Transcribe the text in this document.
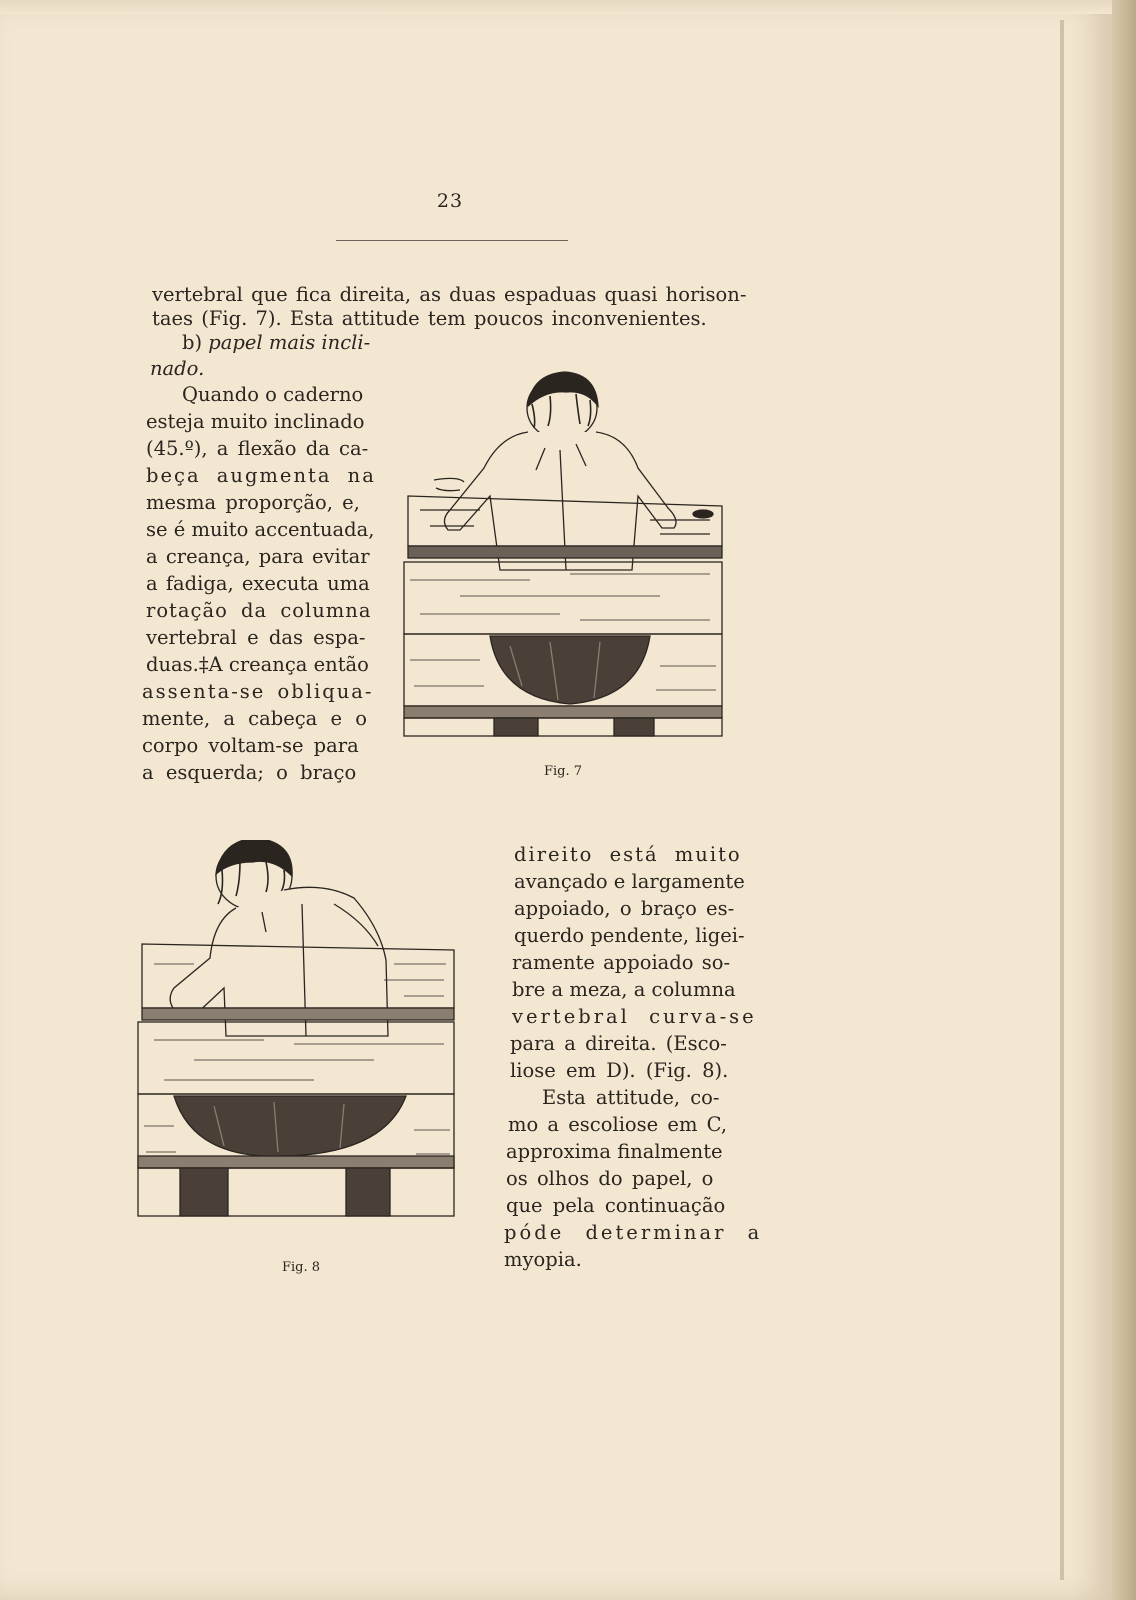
23
vertebral que fica direita, as duas espaduas quasi horison-
taes (Fig. 7). Esta attitude tem poucos inconvenientes.
b) papel mais incli-
nado.
Quando o caderno
esteja muito inclinado
(45.º), a flexão da ca-
beça augmenta na
mesma proporção, e,
se é muito accentuada,
a creança, para evitar
a fadiga, executa uma
rotação da columna
vertebral e das espa-
duas.‡A creança então
assenta-se obliqua-
mente, a cabeça e o
corpo voltam-se para
a esquerda; o braço	Fig. 7
Fig. 8
direito está muito
avançado e largamente
appoiado, o braço es-
querdo pendente, ligei-
ramente appoiado so-
bre a meza, a columna
vertebral curva-se
para a direita. (Esco-
liose em D). (Fig. 8).
Esta attitude, co-
mo a escoliose em C,
approxima finalmente
os olhos do papel, o
que pela continuação
póde determinar a
myopia.
